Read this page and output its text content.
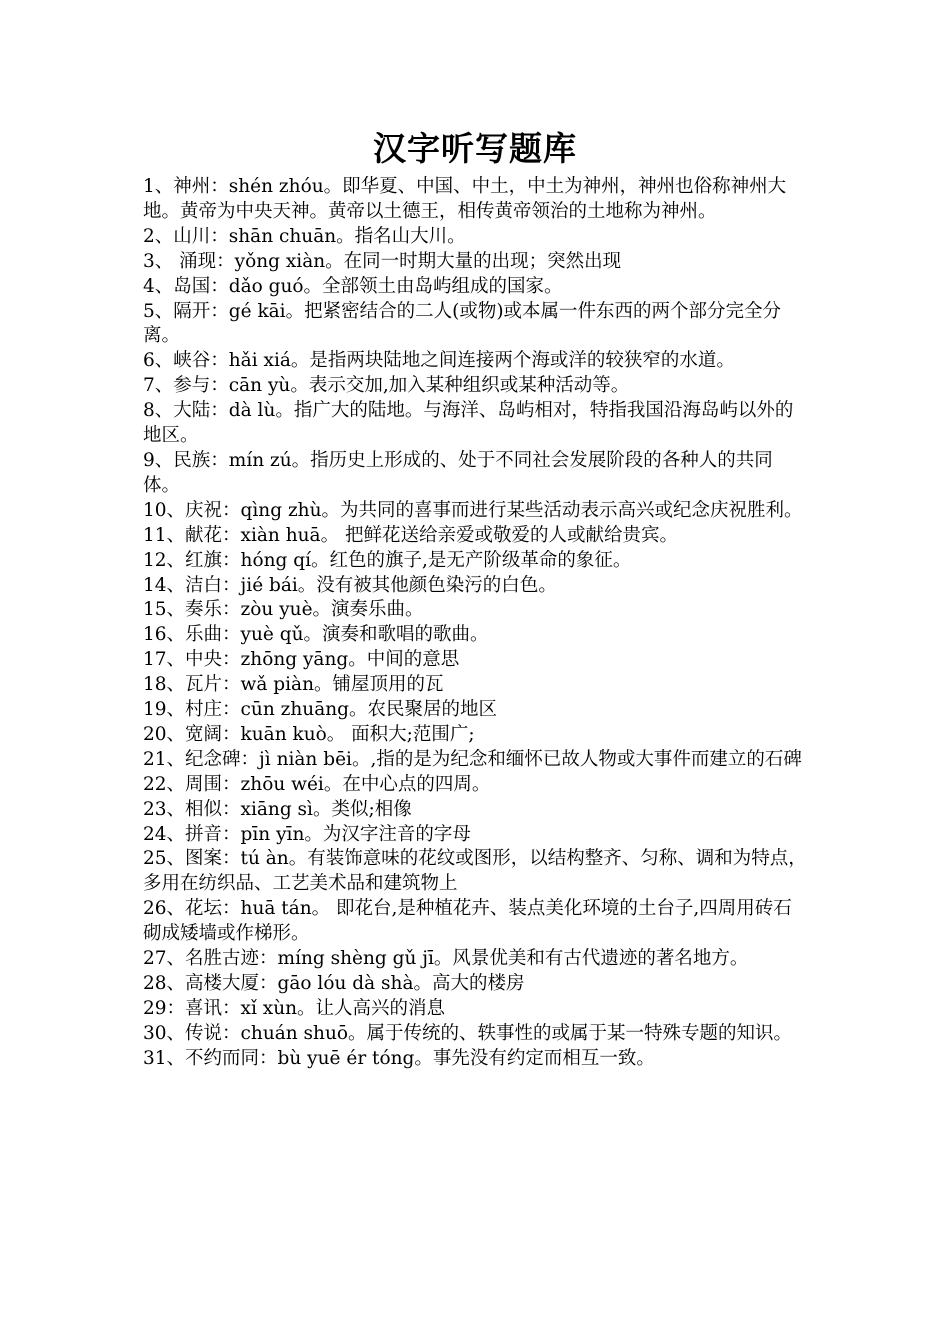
汉字听写题库
1、神州：shén zhóu。即华夏、中国、中土，中土为神州，神州也俗称神州大地。黄帝为中央天神。黄帝以土德王，相传黄帝领治的土地称为神州。
2、山川：shān chuān。指名山大川。
3、 涌现：yǒng xiàn。在同一时期大量的出现；突然出现
4、岛国：dǎo guó。全部领土由岛屿组成的国家。
5、隔开：gé kāi。把紧密结合的二人(或物)或本属一件东西的两个部分完全分离。
6、峡谷：hǎi xiá。是指两块陆地之间连接两个海或洋的较狭窄的水道。
7、参与：cān yù。表示交加,加入某种组织或某种活动等。
8、大陆：dà lù。指广大的陆地。与海洋、岛屿相对，特指我国沿海岛屿以外的地区。
9、民族：mín zú。指历史上形成的、处于不同社会发展阶段的各种人的共同体。
10、庆祝：qìng zhù。为共同的喜事而进行某些活动表示高兴或纪念庆祝胜利。
11、献花：xiàn huā。 把鲜花送给亲爱或敬爱的人或献给贵宾。
12、红旗：hóng qí。红色的旗子,是无产阶级革命的象征。
14、洁白：jié bái。没有被其他颜色染污的白色。
15、奏乐：zòu yuè。演奏乐曲。
16、乐曲：yuè qǔ。演奏和歌唱的歌曲。
17、中央：zhōng yāng。中间的意思
18、瓦片：wǎ piàn。铺屋顶用的瓦
19、村庄：cūn zhuāng。农民聚居的地区
20、宽阔：kuān kuò。 面积大;范围广;
21、纪念碑：jì niàn bēi。,指的是为纪念和缅怀已故人物或大事件而建立的石碑
22、周围：zhōu wéi。在中心点的四周。
23、相似：xiāng sì。类似;相像
24、拼音：pīn yīn。为汉字注音的字母
25、图案：tú àn。有装饰意味的花纹或图形，以结构整齐、匀称、调和为特点，多用在纺织品、工艺美术品和建筑物上
26、花坛：huā tán。 即花台,是种植花卉、装点美化环境的土台子,四周用砖石砌成矮墙或作梯形。
27、名胜古迹：míng shèng gǔ jī。风景优美和有古代遗迹的著名地方。
28、高楼大厦：gāo lóu dà shà。高大的楼房
29：喜讯：xǐ xùn。让人高兴的消息
30、传说：chuán shuō。属于传统的、轶事性的或属于某一特殊专题的知识。
31、不约而同：bù yuē ér tóng。事先没有约定而相互一致。
